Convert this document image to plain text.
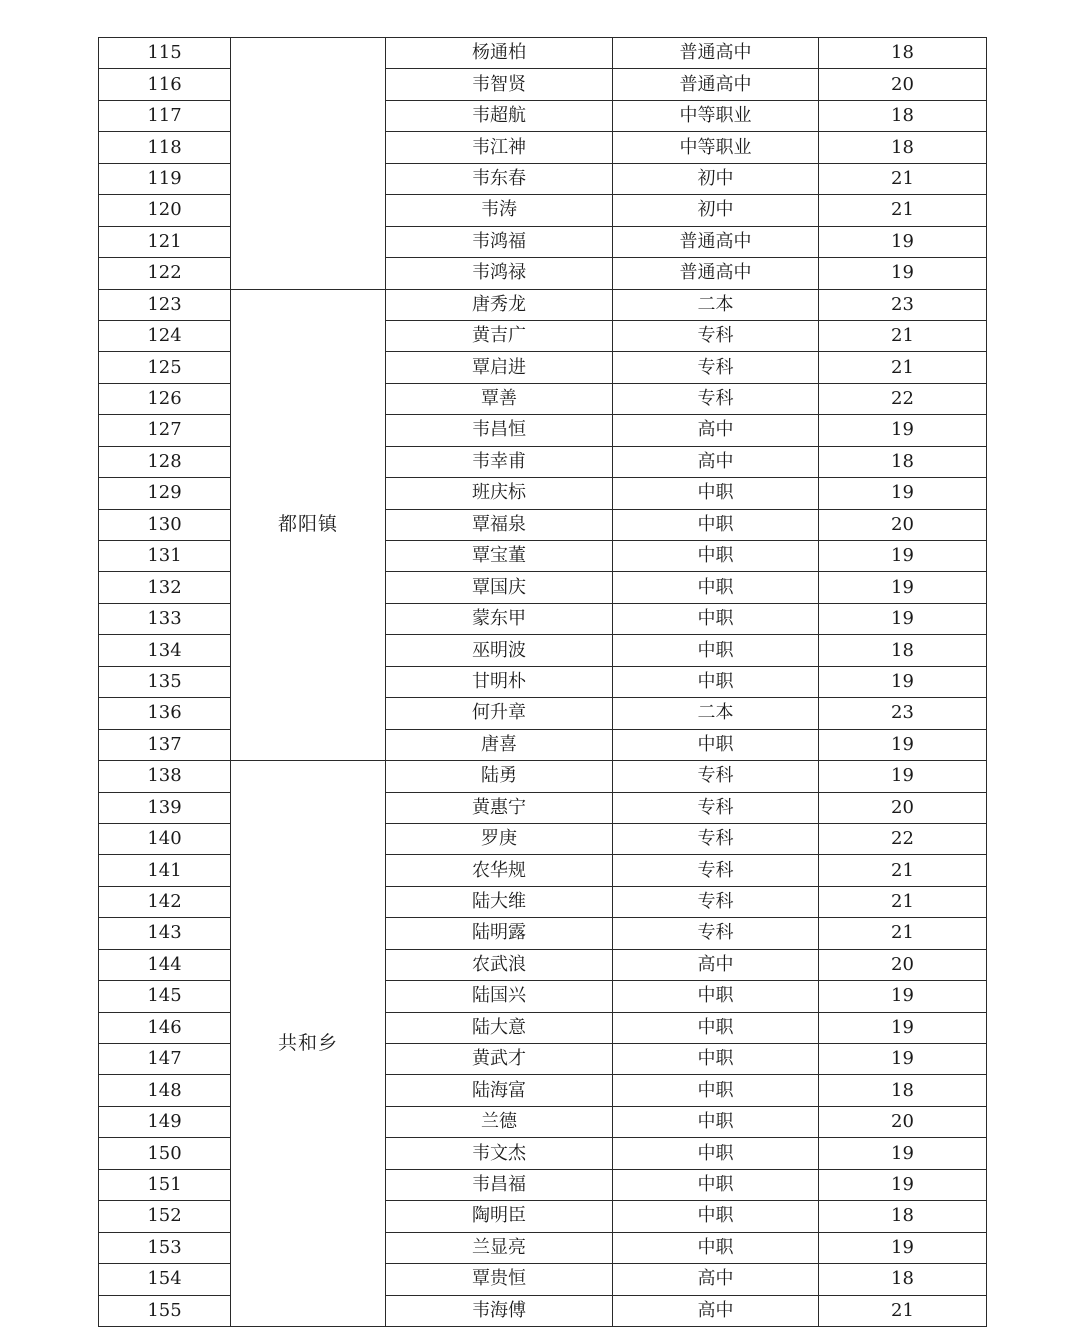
115		杨通柏	普通高中	18
116		韦智贤	普通高中	20
117		韦超航	中等职业	18
118		韦江神	中等职业	18
119		韦东春	初中	21
120		韦涛	初中	21
121		韦鸿福	普通高中	19
122		韦鸿禄	普通高中	19
123	都阳镇	唐秀龙	二本	23
124		黄吉广	专科	21
125		覃启进	专科	21
126		覃善	专科	22
127		韦昌恒	高中	19
128		韦幸甫	高中	18
129		班庆标	中职	19
130		覃福泉	中职	20
131		覃宝董	中职	19
132		覃国庆	中职	19
133		蒙东甲	中职	19
134		巫明波	中职	18
135		甘明朴	中职	19
136		何升章	二本	23
137		唐喜	中职	19
138	共和乡	陆勇	专科	19
139		黄惠宁	专科	20
140		罗庚	专科	22
141		农华规	专科	21
142		陆大维	专科	21
143		陆明露	专科	21
144		农武浪	高中	20
145		陆国兴	中职	19
146		陆大意	中职	19
147		黄武才	中职	19
148		陆海富	中职	18
149		兰德	中职	20
150		韦文杰	中职	19
151		韦昌福	中职	19
152		陶明臣	中职	18
153		兰显亮	中职	19
154		覃贵恒	高中	18
155		韦海傅	高中	21
